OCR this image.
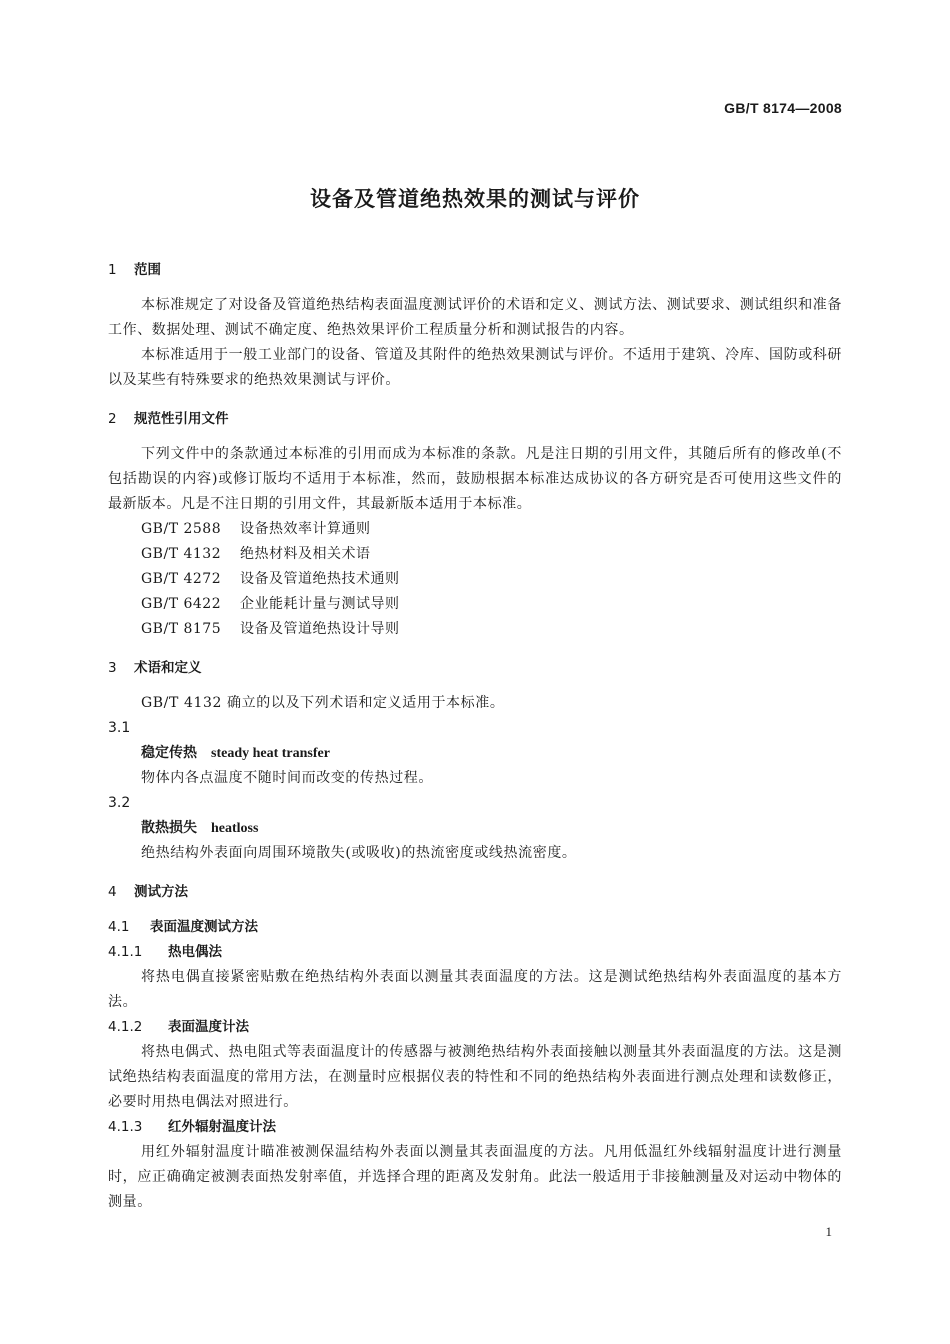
GB/T 8174—2008
设备及管道绝热效果的测试与评价
1 范围
本标准规定了对设备及管道绝热结构表面温度测试评价的术语和定义、测试方法、测试要求、测试组织和准备工作、数据处理、测试不确定度、绝热效果评价工程质量分析和测试报告的内容。
本标准适用于一般工业部门的设备、管道及其附件的绝热效果测试与评价。不适用于建筑、冷库、国防或科研以及某些有特殊要求的绝热效果测试与评价。
2 规范性引用文件
下列文件中的条款通过本标准的引用而成为本标准的条款。凡是注日期的引用文件，其随后所有的修改单(不包括勘误的内容)或修订版均不适用于本标准，然而，鼓励根据本标准达成协议的各方研究是否可使用这些文件的最新版本。凡是不注日期的引用文件，其最新版本适用于本标准。
GB/T 2588 设备热效率计算通则
GB/T 4132 绝热材料及相关术语
GB/T 4272 设备及管道绝热技术通则
GB/T 6422 企业能耗计量与测试导则
GB/T 8175 设备及管道绝热设计导则
3 术语和定义
GB/T 4132 确立的以及下列术语和定义适用于本标准。
3.1
稳定传热 steady heat transfer
物体内各点温度不随时间而改变的传热过程。
3.2
散热损失 heatloss
绝热结构外表面向周围环境散失(或吸收)的热流密度或线热流密度。
4 测试方法
4.1 表面温度测试方法
4.1.1 热电偶法
将热电偶直接紧密贴敷在绝热结构外表面以测量其表面温度的方法。这是测试绝热结构外表面温度的基本方法。
4.1.2 表面温度计法
将热电偶式、热电阻式等表面温度计的传感器与被测绝热结构外表面接触以测量其外表面温度的方法。这是测试绝热结构表面温度的常用方法，在测量时应根据仪表的特性和不同的绝热结构外表面进行测点处理和读数修正，必要时用热电偶法对照进行。
4.1.3 红外辐射温度计法
用红外辐射温度计瞄准被测保温结构外表面以测量其表面温度的方法。凡用低温红外线辐射温度计进行测量时，应正确确定被测表面热发射率值，并选择合理的距离及发射角。此法一般适用于非接触测量及对运动中物体的测量。
1
